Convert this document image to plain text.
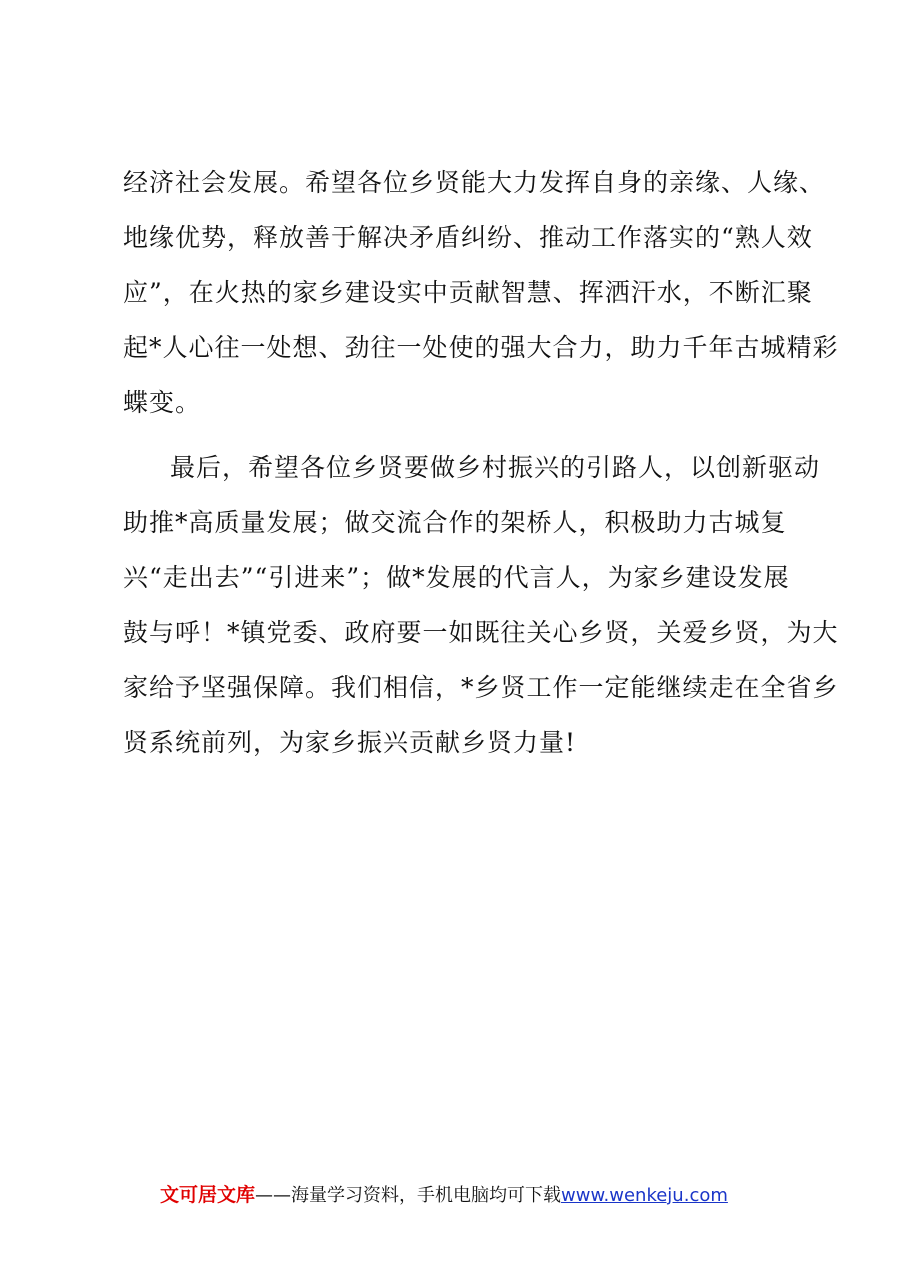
经济社会发展。希望各位乡贤能大力发挥自身的亲缘、人缘、
地缘优势，释放善于解决矛盾纠纷、推动工作落实的“熟人效
应”，在火热的家乡建设实中贡献智慧、挥洒汗水，不断汇聚
起*人心往一处想、劲往一处使的强大合力，助力千年古城精彩
蝶变。
最后，希望各位乡贤要做乡村振兴的引路人，以创新驱动
助推*高质量发展；做交流合作的架桥人，积极助力古城复
兴“走出去”“引进来”；做*发展的代言人，为家乡建设发展
鼓与呼！*镇党委、政府要一如既往关心乡贤，关爱乡贤，为大
家给予坚强保障。我们相信，*乡贤工作一定能继续走在全省乡
贤系统前列，为家乡振兴贡献乡贤力量!
文可居文库——海量学习资料，手机电脑均可下载www.wenkeju.com
